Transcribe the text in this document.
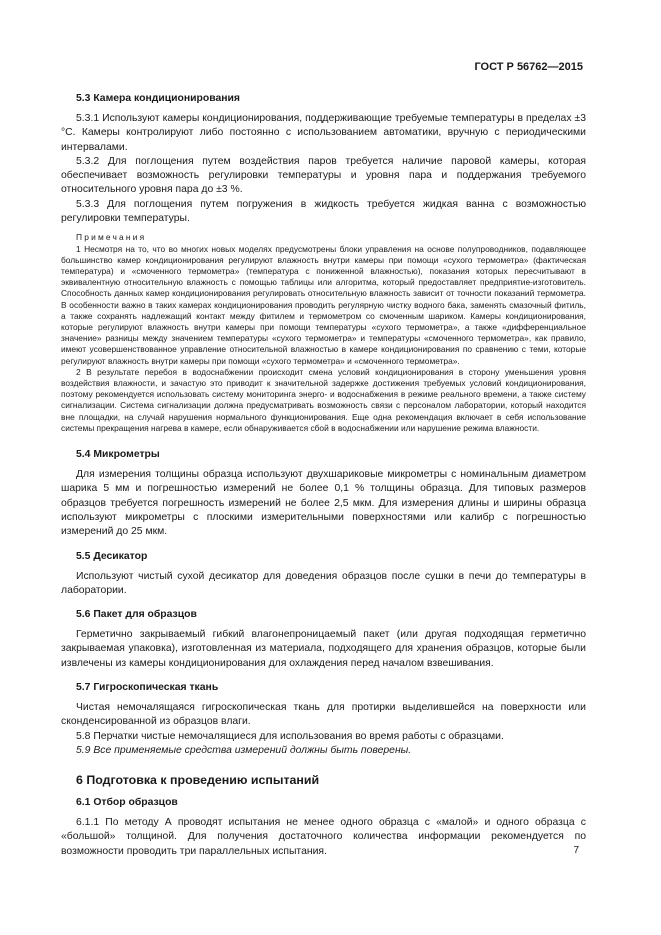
ГОСТ Р 56762—2015

5.3 Камера кондиционирования

5.3.1 Используют камеры кондиционирования, поддерживающие требуемые температуры в пределах ±3 °С. Камеры контролируют либо постоянно с использованием автоматики, вручную с периодическими интервалами.

5.3.2 Для поглощения путем воздействия паров требуется наличие паровой камеры, которая обеспечивает возможность регулировки температуры и уровня пара и поддержания требуемого относительного уровня пара до ±3 %.

5.3.3 Для поглощения путем погружения в жидкость требуется жидкая ванна с возможностью регулировки температуры.

Примечания

1 Несмотря на то, что во многих новых моделях предусмотрены блоки управления на основе полупроводников, подавляющее большинство камер кондиционирования регулируют влажность внутри камеры при помощи «сухого термометра» (фактическая температура) и «смоченного термометра» (температура с пониженной влажностью), показания которых пересчитывают в эквивалентную относительную влажность с помощью таблицы или алгоритма, который предоставляет предприятие-изготовитель. Способность данных камер кондиционирования регулировать относительную влажность зависит от точности показаний термометра. В особенности важно в таких камерах кондиционирования проводить регулярную чистку водного бака, заменять смазочный фитиль, а также сохранять надлежащий контакт между фитилем и термометром со смоченным шариком. Камеры кондиционирования, которые регулируют влажность внутри камеры при помощи температуры «сухого термометра», а также «дифференциальное значение» разницы между значением температуры «сухого термометра» и температуры «смоченного термометра», как правило, имеют усовершенствованное управление относительной влажностью в камере кондиционирования по сравнению с теми, которые регулируют влажность внутри камеры при помощи «сухого термометра» и «смоченного термометра».

2 В результате перебоя в водоснабжении происходит смена условий кондиционирования в сторону уменьшения уровня воздействия влажности, и зачастую это приводит к значительной задержке достижения требуемых условий кондиционирования, поэтому рекомендуется использовать систему мониторинга энерго- и водоснабжения в режиме реального времени, а также систему сигнализации. Система сигнализации должна предусматривать возможность связи с персоналом лаборатории, который находится вне площадки, на случай нарушения нормального функционирования. Еще одна рекомендация включает в себя использование системы прекращения нагрева в камере, если обнаруживается сбой в водоснабжении или нарушение режима влажности.

5.4 Микрометры

Для измерения толщины образца используют двухшариковые микрометры с номинальным диаметром шарика 5 мм и погрешностью измерений не более 0,1 % толщины образца. Для типовых размеров образцов требуется погрешность измерений не более 2,5 мкм. Для измерения длины и ширины образца используют микрометры с плоскими измерительными поверхностями или калибр с погрешностью измерений до 25 мкм.

5.5 Десикатор

Используют чистый сухой десикатор для доведения образцов после сушки в печи до температуры в лаборатории.

5.6 Пакет для образцов

Герметично закрываемый гибкий влагонепроницаемый пакет (или другая подходящая герметично закрываемая упаковка), изготовленная из материала, подходящего для хранения образцов, которые были извлечены из камеры кондиционирования для охлаждения перед началом взвешивания.

5.7 Гигроскопическая ткань

Чистая немочалящаяся гигроскопическая ткань для протирки выделившейся на поверхности или сконденсированной из образцов влаги.

5.8 Перчатки чистые немочалящиеся для использования во время работы с образцами.

5.9 Все применяемые средства измерений должны быть поверены.

6 Подготовка к проведению испытаний

6.1 Отбор образцов

6.1.1 По методу А проводят испытания не менее одного образца с «малой» и одного образца с «большой» толщиной. Для получения достаточного количества информации рекомендуется по возможности проводить три параллельных испытания.	7
